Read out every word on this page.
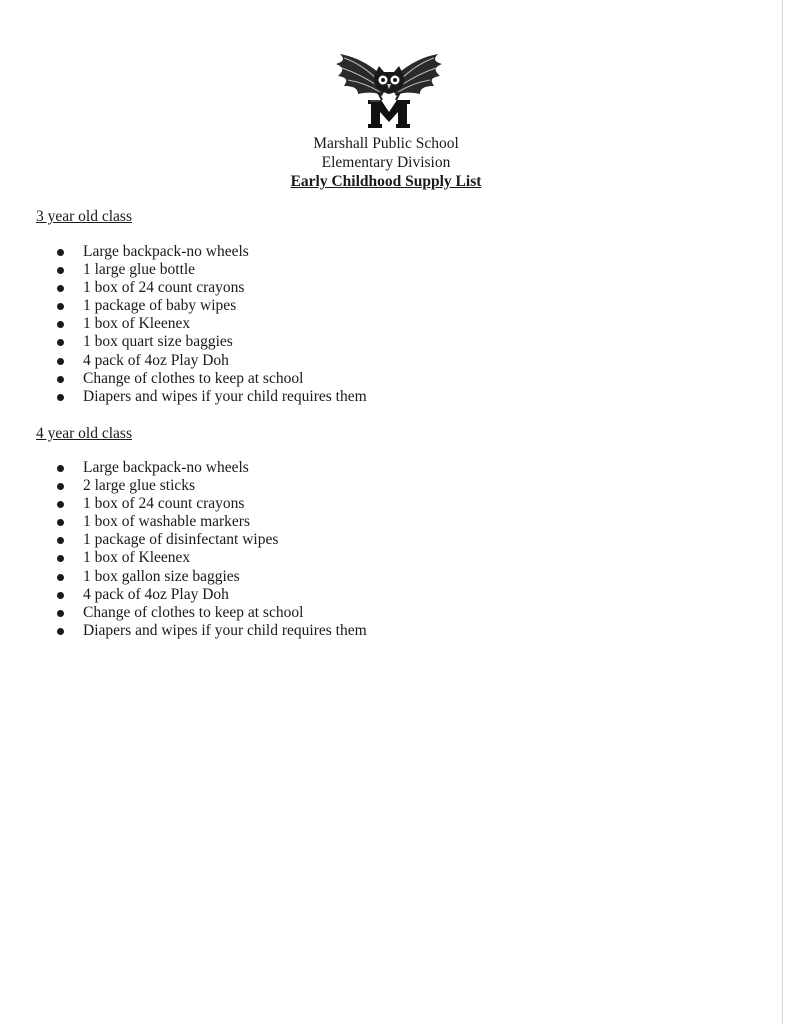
Marshall Public School
Elementary Division
Early Childhood Supply List
3 year old class
Large backpack-no wheels
1 large glue bottle
1 box of 24 count crayons
1 package of baby wipes
1 box of Kleenex
1 box quart size baggies
4 pack of 4oz Play Doh
Change of clothes to keep at school
Diapers and wipes if your child requires them
4 year old class
Large backpack-no wheels
2 large glue sticks
1 box of 24 count crayons
1 box of washable markers
1 package of disinfectant wipes
1 box of Kleenex
1 box gallon size baggies
4 pack of 4oz Play Doh
Change of clothes to keep at school
Diapers and wipes if your child requires them
